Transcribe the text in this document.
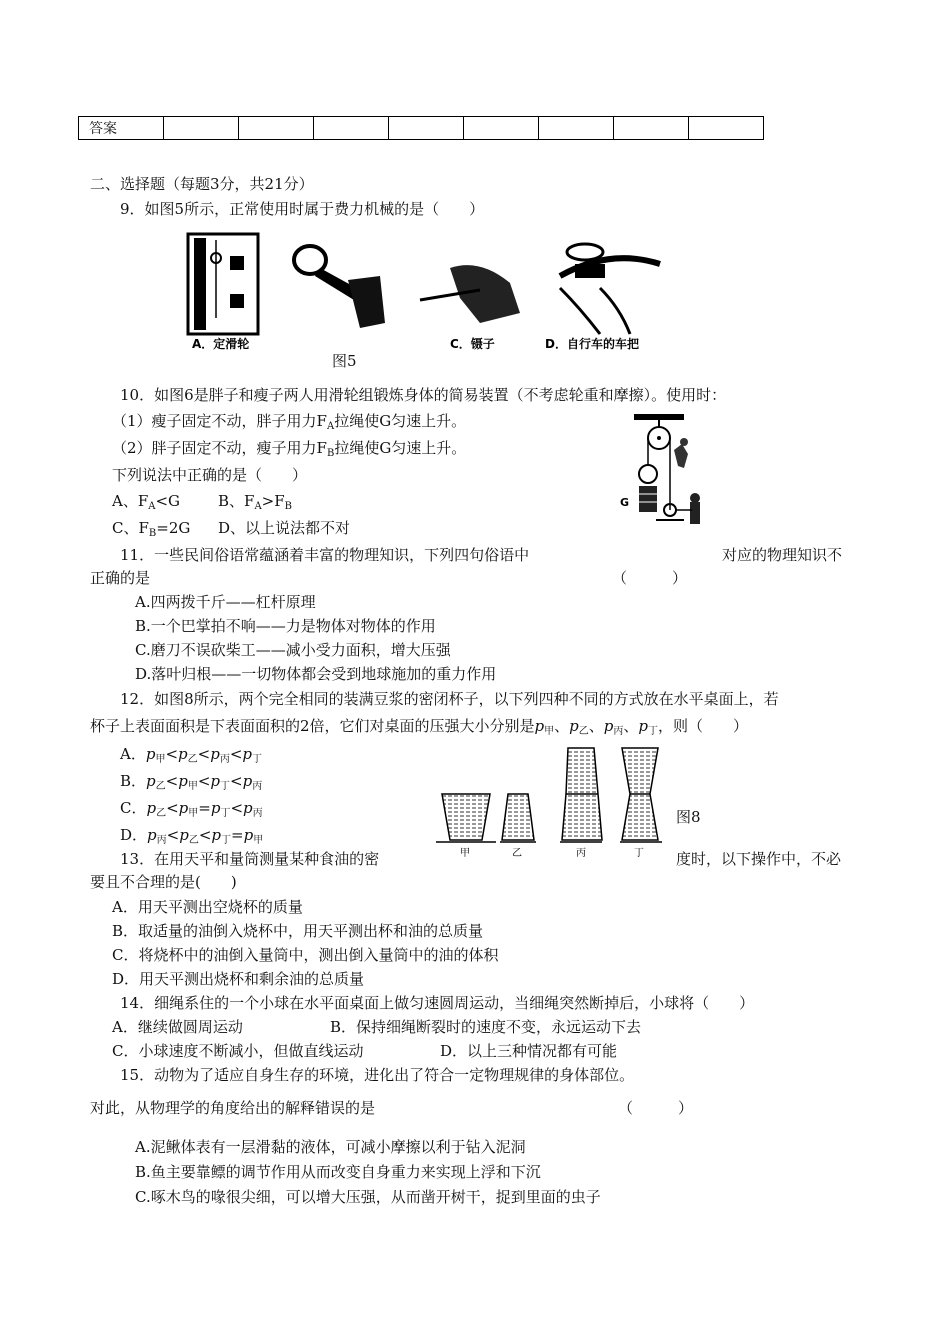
答案								
二、选择题（每题3分，共21分）
9．如图5所示，正常使用时属于费力机械的是（　　）
A．定滑轮	C．镊子	D．自行车的车把
图5
10．如图6是胖子和瘦子两人用滑轮组锻炼身体的简易装置（不考虑轮重和摩擦）。使用时：
（1）瘦子固定不动，胖子用力$F_A$拉绳使G匀速上升。
（2）胖子固定不动，瘦子用力$F_B$拉绳使G匀速上升。
下列说法中正确的是（　　）
A、$F_A<G$	B、$F_A>F_B$
C、$F_B=2G$ D、以上说法都不对
G
11．一些民间俗语常蕴涵着丰富的物理知识，下列四句俗语中	对应的物理知识不
正确的是	（　　　）
A.四两拨千斤——杠杆原理
B.一个巴掌拍不响——力是物体对物体的作用
C.磨刀不误砍柴工——减小受力面积，增大压强
D.落叶归根——一切物体都会受到地球施加的重力作用
12．如图8所示，两个完全相同的装满豆浆的密闭杯子，以下列四种不同的方式放在水平桌面上，若
杯子上表面面积是下表面面积的2倍，它们对桌面的压强大小分别是$p_甲$、$p_乙$、$p_丙$、$p_丁$，则（　　）
A．$p_甲<p_乙<p_丙<p_丁$
B．$p_乙<p_甲<p_丁<p_丙$
C．$p_乙<p_甲=p_丁<p_丙$
D．$p_丙<p_乙<p_丁=p_甲$
甲	乙	丙	丁
图8
13．在用天平和量筒测量某种食油的密	度时，以下操作中，不必
要且不合理的是(　　)
A．用天平测出空烧杯的质量
B．取适量的油倒入烧杯中，用天平测出杯和油的总质量
C．将烧杯中的油倒入量筒中，测出倒入量筒中的油的体积
D．用天平测出烧杯和剩余油的总质量
14．细绳系住的一个小球在水平面桌面上做匀速圆周运动，当细绳突然断掉后，小球将（　　）
A．继续做圆周运动	B．保持细绳断裂时的速度不变，永远运动下去
C．小球速度不断减小，但做直线运动	D．以上三种情况都有可能
15．动物为了适应自身生存的环境，进化出了符合一定物理规律的身体部位。
对此，从物理学的角度给出的解释错误的是	（　　　）
A.泥鳅体表有一层滑黏的液体，可减小摩擦以利于钻入泥洞
B.鱼主要靠鳔的调节作用从而改变自身重力来实现上浮和下沉
C.啄木鸟的喙很尖细，可以增大压强，从而凿开树干，捉到里面的虫子
